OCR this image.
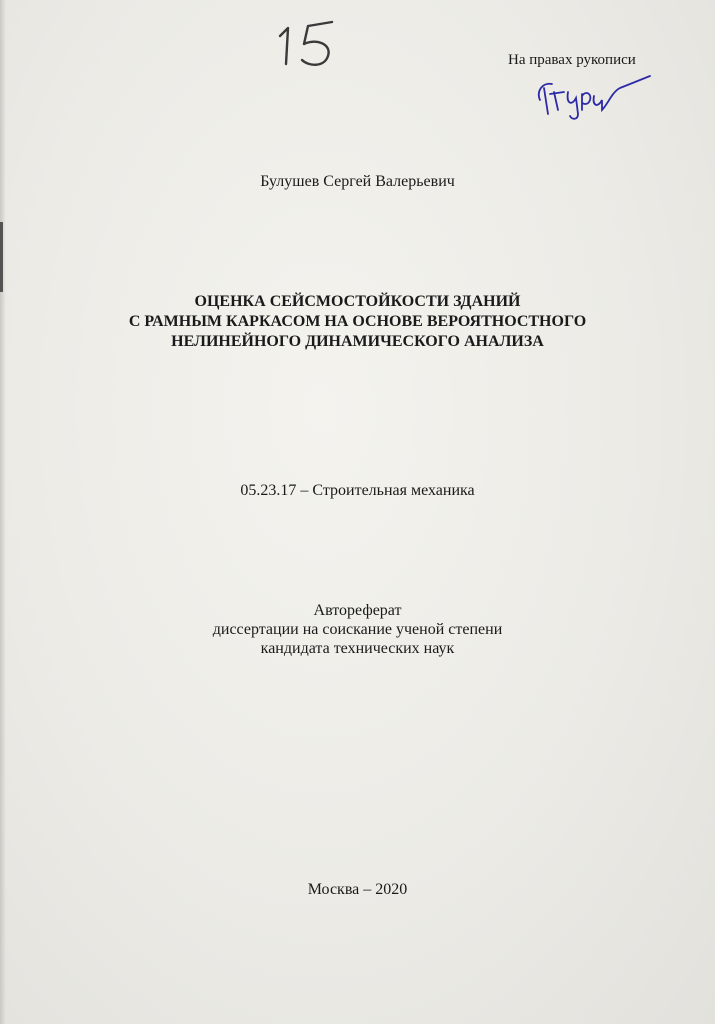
На правах рукописи
Булушев Сергей Валерьевич
ОЦЕНКА СЕЙСМОСТОЙКОСТИ ЗДАНИЙ
С РАМНЫМ КАРКАСОМ НА ОСНОВЕ ВЕРОЯТНОСТНОГО
НЕЛИНЕЙНОГО ДИНАМИЧЕСКОГО АНАЛИЗА
05.23.17 – Строительная механика
Автореферат
диссертации на соискание ученой степени
кандидата технических наук
Москва – 2020
